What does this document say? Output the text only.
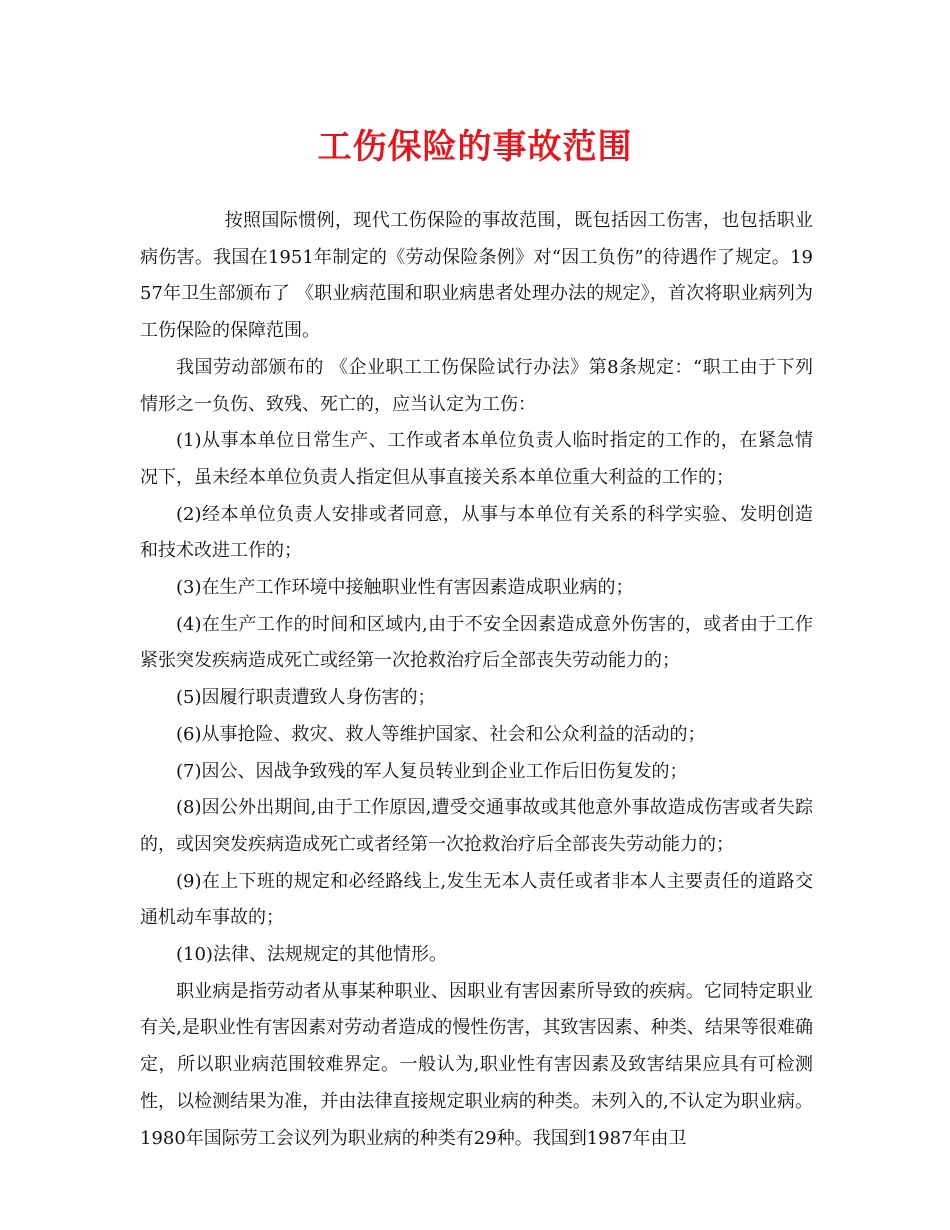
工伤保险的事故范围

按照国际惯例，现代工伤保险的事故范围，既包括因工伤害，也包括职业病伤害。我国在1951年制定的《劳动保险条例》对“因工负伤”的待遇作了规定。1957年卫生部颁布了 《职业病范围和职业病患者处理办法的规定》，首次将职业病列为工伤保险的保障范围。

我国劳动部颁布的 《企业职工工伤保险试行办法》第8条规定：“职工由于下列情形之一负伤、致残、死亡的，应当认定为工伤：

(1)从事本单位日常生产、工作或者本单位负责人临时指定的工作的，在紧急情况下，虽未经本单位负责人指定但从事直接关系本单位重大利益的工作的；

(2)经本单位负责人安排或者同意，从事与本单位有关系的科学实验、发明创造和技术改进工作的；

(3)在生产工作环境中接触职业性有害因素造成职业病的；

(4)在生产工作的时间和区域内,由于不安全因素造成意外伤害的，或者由于工作紧张突发疾病造成死亡或经第一次抢救治疗后全部丧失劳动能力的；

(5)因履行职责遭致人身伤害的；

(6)从事抢险、救灾、救人等维护国家、社会和公众利益的活动的；

(7)因公、因战争致残的军人复员转业到企业工作后旧伤复发的；

(8)因公外出期间,由于工作原因,遭受交通事故或其他意外事故造成伤害或者失踪的，或因突发疾病造成死亡或者经第一次抢救治疗后全部丧失劳动能力的；

(9)在上下班的规定和必经路线上,发生无本人责任或者非本人主要责任的道路交通机动车事故的；

(10)法律、法规规定的其他情形。

职业病是指劳动者从事某种职业、因职业有害因素所导致的疾病。它同特定职业有关,是职业性有害因素对劳动者造成的慢性伤害，其致害因素、种类、结果等很难确定，所以职业病范围较难界定。一般认为,职业性有害因素及致害结果应具有可检测性，以检测结果为准，并由法律直接规定职业病的种类。未列入的,不认定为职业病。1980年国际劳工会议列为职业病的种类有29种。我国到1987年由卫
